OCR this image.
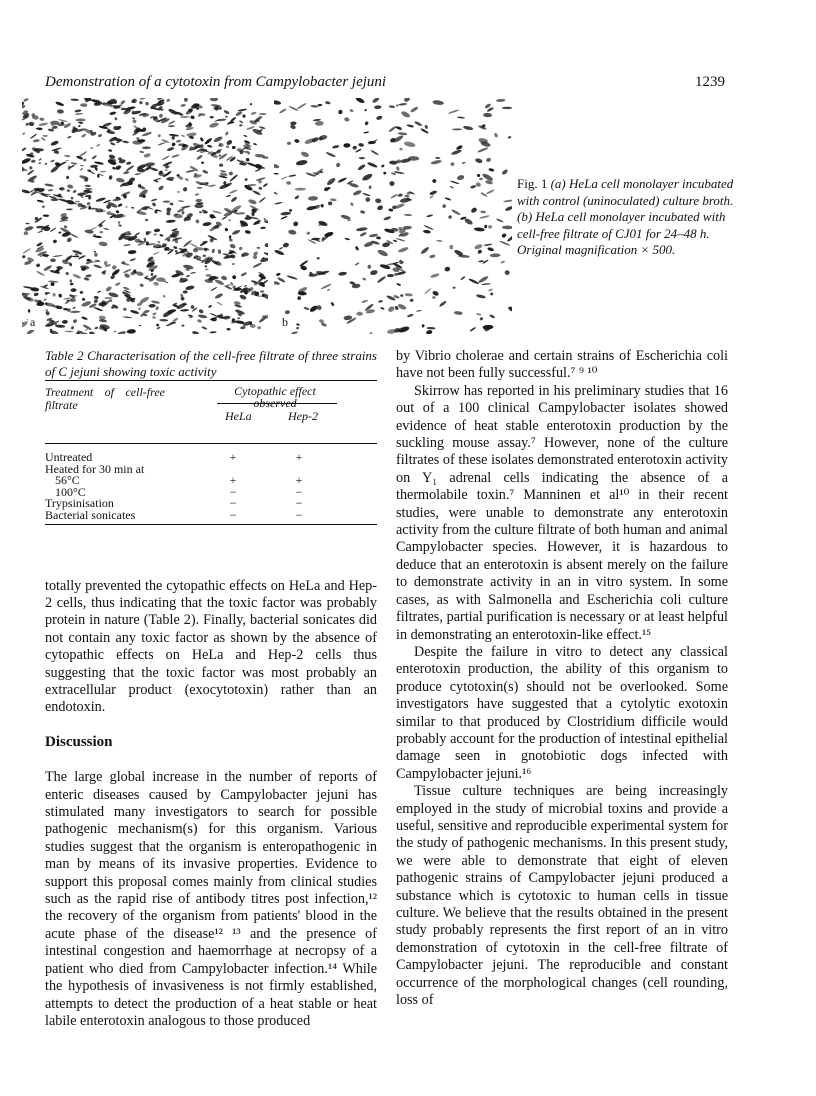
Demonstration of a cytotoxin from Campylobacter jejuni	1239
a	b
Fig. 1 (a) HeLa cell monolayer incubated with control (uninoculated) culture broth. (b) HeLa cell monolayer incubated with cell-free filtrate of CJ01 for 24–48 h. Original magnification × 500.

Table 2 Characterisation of the cell-free filtrate of three strains of C jejuni showing toxic activity

Treatment of cell-free filtrate
Cytopathic effect observed
HeLa	Hep-2
Untreated	+	+
Heated for 30 min at
56°C	+	+
100°C	−	−
Trypsinisation	−	−
Bacterial sonicates	−	−

totally prevented the cytopathic effects on HeLa and Hep-2 cells, thus indicating that the toxic factor was probably protein in nature (Table 2). Finally, bacterial sonicates did not contain any toxic factor as shown by the absence of cytopathic effects on HeLa and Hep-2 cells thus suggesting that the toxic factor was most probably an extracellular product (exocytotoxin) rather than an endotoxin.

Discussion

The large global increase in the number of reports of enteric diseases caused by Campylobacter jejuni has stimulated many investigators to search for possible pathogenic mechanism(s) for this organism. Various studies suggest that the organism is enteropathogenic in man by means of its invasive properties. Evidence to support this proposal comes mainly from clinical studies such as the rapid rise of antibody titres post infection,¹² the recovery of the organism from patients' blood in the acute phase of the disease¹² ¹³ and the presence of intestinal congestion and haemorrhage at necropsy of a patient who died from Campylobacter infection.¹⁴ While the hypothesis of invasiveness is not firmly established, attempts to detect the production of a heat stable or heat labile enterotoxin analogous to those produced

by Vibrio cholerae and certain strains of Escherichia coli have not been fully successful.⁷ ⁹ ¹⁰

Skirrow has reported in his preliminary studies that 16 out of a 100 clinical Campylobacter isolates showed evidence of heat stable enterotoxin production by the suckling mouse assay.⁷ However, none of the culture filtrates of these isolates demonstrated enterotoxin activity on Y₁ adrenal cells indicating the absence of a thermolabile toxin.⁷ Manninen et al¹⁰ in their recent studies, were unable to demonstrate any enterotoxin activity from the culture filtrate of both human and animal Campylobacter species. However, it is hazardous to deduce that an enterotoxin is absent merely on the failure to demonstrate activity in an in vitro system. In some cases, as with Salmonella and Escherichia coli culture filtrates, partial purification is necessary or at least helpful in demonstrating an enterotoxin-like effect.¹⁵

Despite the failure in vitro to detect any classical enterotoxin production, the ability of this organism to produce cytotoxin(s) should not be overlooked. Some investigators have suggested that a cytolytic exotoxin similar to that produced by Clostridium difficile would probably account for the production of intestinal epithelial damage seen in gnotobiotic dogs infected with Campylobacter jejuni.¹⁶

Tissue culture techniques are being increasingly employed in the study of microbial toxins and provide a useful, sensitive and reproducible experimental system for the study of pathogenic mechanisms. In this present study, we were able to demonstrate that eight of eleven pathogenic strains of Campylobacter jejuni produced a substance which is cytotoxic to human cells in tissue culture. We believe that the results obtained in the present study probably represents the first report of an in vitro demonstration of cytotoxin in the cell-free filtrate of Campylobacter jejuni. The reproducible and constant occurrence of the morphological changes (cell rounding, loss of
